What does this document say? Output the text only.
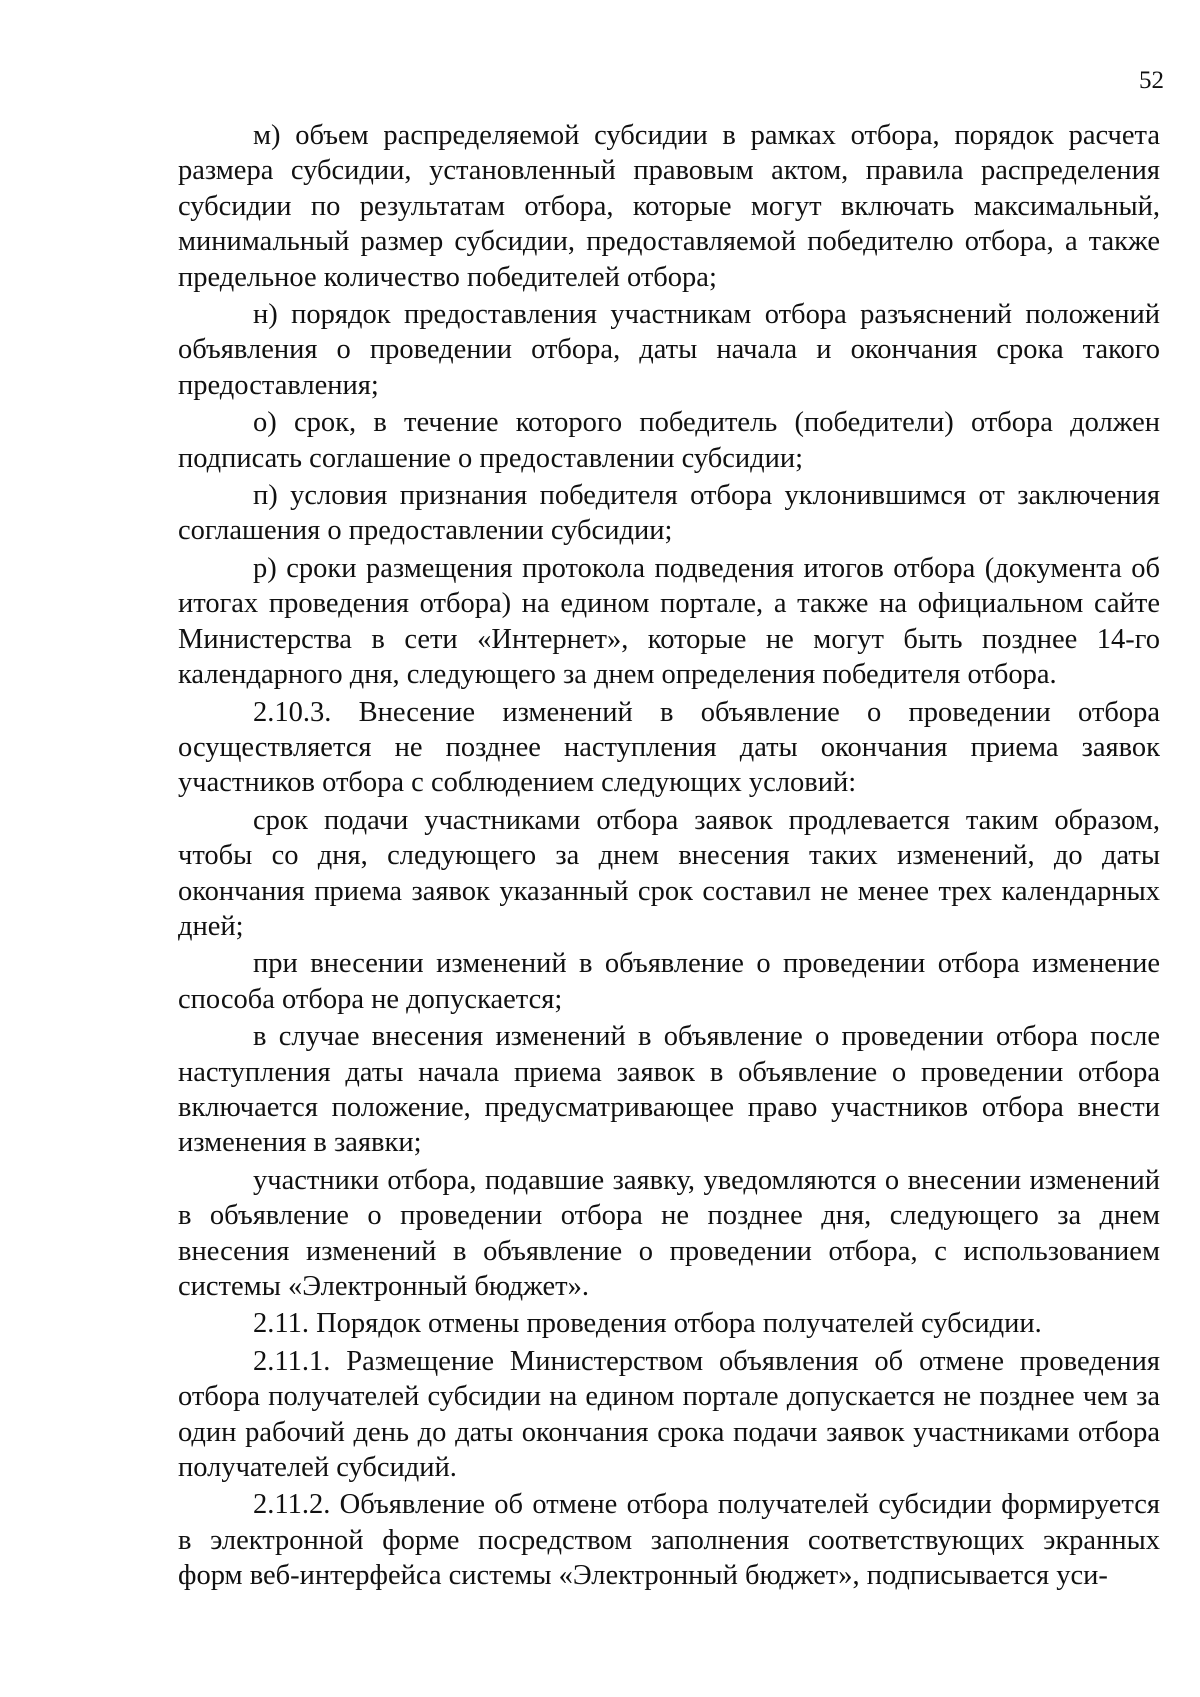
52

м) объем распределяемой субсидии в рамках отбора, порядок расчета размера субсидии, установленный правовым актом, правила распределения субсидии по результатам отбора, которые могут включать максимальный, минимальный размер субсидии, предоставляемой победителю отбора, а также предельное количество победителей отбора;

н) порядок предоставления участникам отбора разъяснений положений объявления о проведении отбора, даты начала и окончания срока такого предоставления;

о) срок, в течение которого победитель (победители) отбора должен подписать соглашение о предоставлении субсидии;

п) условия признания победителя отбора уклонившимся от заключения соглашения о предоставлении субсидии;

р) сроки размещения протокола подведения итогов отбора (документа об итогах проведения отбора) на едином портале, а также на официальном сайте Министерства в сети «Интернет», которые не могут быть позднее 14-го календарного дня, следующего за днем определения победителя отбора.

2.10.3. Внесение изменений в объявление о проведении отбора осуществляется не позднее наступления даты окончания приема заявок участников отбора с соблюдением следующих условий:

срок подачи участниками отбора заявок продлевается таким образом, чтобы со дня, следующего за днем внесения таких изменений, до даты окончания приема заявок указанный срок составил не менее трех календарных дней;

при внесении изменений в объявление о проведении отбора изменение способа отбора не допускается;

в случае внесения изменений в объявление о проведении отбора после наступления даты начала приема заявок в объявление о проведении отбора включается положение, предусматривающее право участников отбора внести изменения в заявки;

участники отбора, подавшие заявку, уведомляются о внесении изменений в объявление о проведении отбора не позднее дня, следующего за днем внесения изменений в объявление о проведении отбора, с использованием системы «Электронный бюджет».

2.11. Порядок отмены проведения отбора получателей субсидии.

2.11.1. Размещение Министерством объявления об отмене проведения отбора получателей субсидии на едином портале допускается не позднее чем за один рабочий день до даты окончания срока подачи заявок участниками отбора получателей субсидий.

2.11.2. Объявление об отмене отбора получателей субсидии формируется в электронной форме посредством заполнения соответствующих экранных форм веб-интерфейса системы «Электронный бюджет», подписывается уси-
